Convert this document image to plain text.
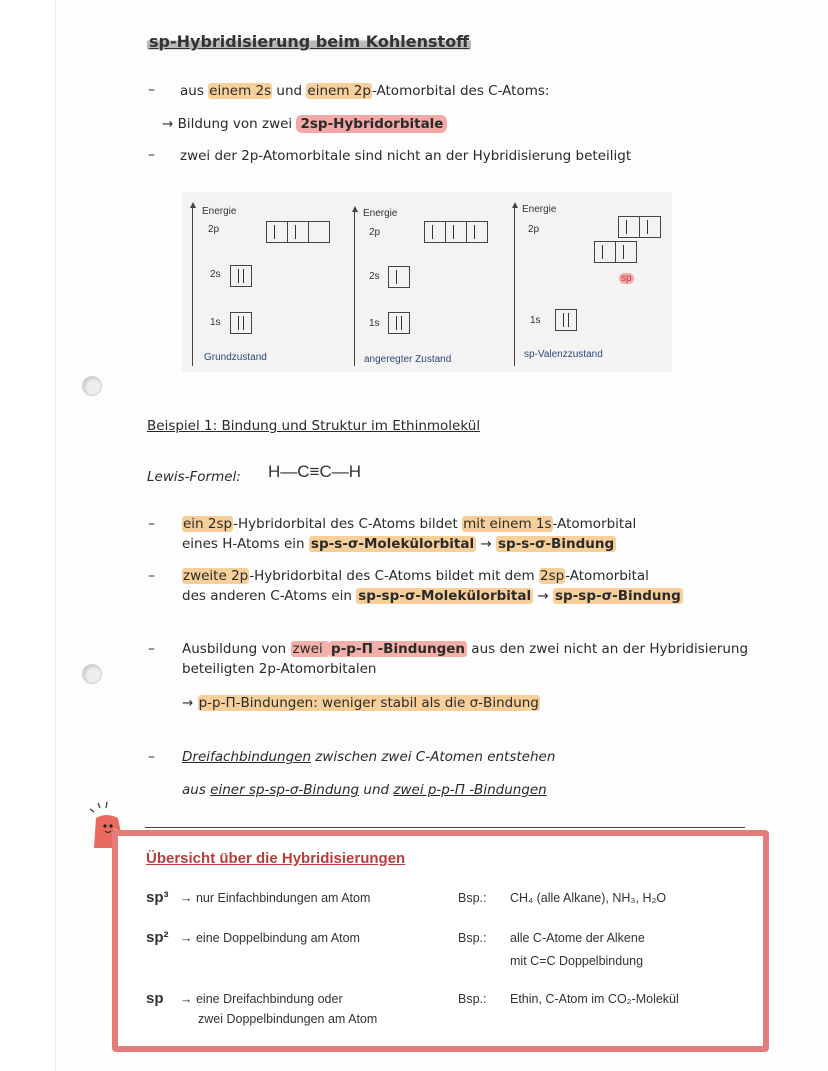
sp-Hybridisierung beim Kohlenstoff
– aus einem 2s und einem 2p-Atomorbital des C-Atoms:
→ Bildung von zwei 2sp-Hybridorbitale
– zwei der 2p-Atomorbitale sind nicht an der Hybridisierung beteiligt
Energie
2p
2s
1s
Grundzustand
Energie
2p
2s
1s
angeregter Zustand
Energie
2p
sp
1s
sp-Valenzzustand
Beispiel 1: Bindung und Struktur im Ethinmolekül
Lewis-Formel: H—C≡C—H
– ein 2sp-Hybridorbital des C-Atoms bildet mit einem 1s-Atomorbital
eines H-Atoms ein sp-s-σ-Molekülorbital → sp-s-σ-Bindung
– zweite 2p-Hybridorbital des C-Atoms bildet mit dem 2sp-Atomorbital
des anderen C-Atoms ein sp-sp-σ-Molekülorbital → sp-sp-σ-Bindung
– Ausbildung von zwei p-p-Π -Bindungen aus den zwei nicht an der Hybridisierung
beteiligten 2p-Atomorbitalen
→ p-p-Π-Bindungen: weniger stabil als die σ-Bindung
– Dreifachbindungen zwischen zwei C-Atomen entstehen
aus einer sp-sp-σ-Bindung und zwei p-p-Π -Bindungen
Übersicht über die Hybridisierungen
sp³ → nur Einfachbindungen am Atom	Bsp.: CH₄ (alle Alkane), NH₃, H₂O
sp² → eine Doppelbindung am Atom	Bsp.: alle C-Atome der Alkene
mit C=C Doppelbindung
sp → eine Dreifachbindung oder
zwei Doppelbindungen am Atom
Bsp.: Ethin, C-Atom im CO₂-Molekül
